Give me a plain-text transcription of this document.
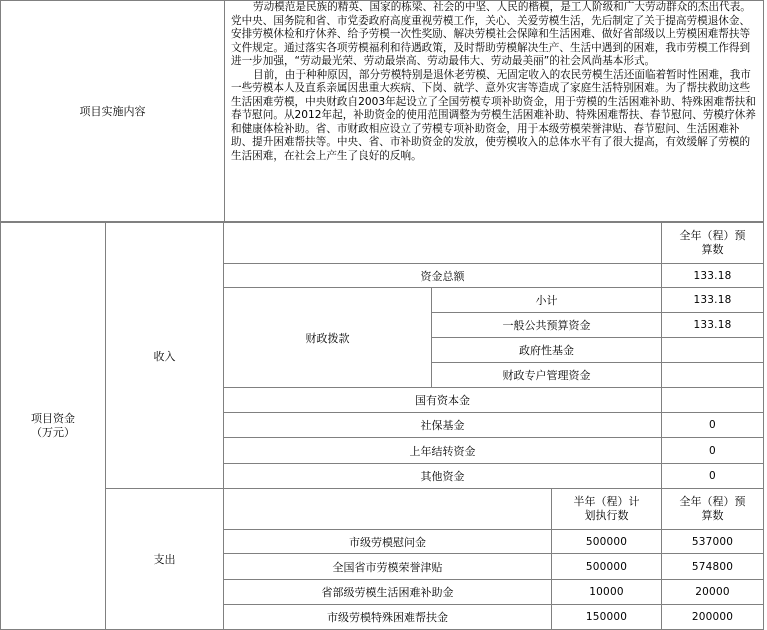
项目实施内容

劳动模范是民族的精英、国家的栋梁、社会的中坚、人民的楷模，是工人阶级和广大劳动群众的杰出代表。党中央、国务院和省、市党委政府高度重视劳模工作，关心、关爱劳模生活，先后制定了关于提高劳模退休金、安排劳模休检和疗休养、给予劳模一次性奖励、解决劳模社会保障和生活困难、做好省部级以上劳模困难帮扶等文件规定。通过落实各项劳模福利和待遇政策，及时帮助劳模解决生产、生活中遇到的困难，我市劳模工作得到进一步加强，“劳动最光荣、劳动最崇高、劳动最伟大、劳动最美丽”的社会风尚基本形式。

目前，由于种种原因，部分劳模特别是退休老劳模、无固定收入的农民劳模生活还面临着暂时性困难，我市一些劳模本人及直系亲属因患重大疾病、下岗、就学、意外灾害等造成了家庭生活特别困难。为了帮扶救助这些生活困难劳模，中央财政自2003年起设立了全国劳模专项补助资金，用于劳模的生活困难补助、特殊困难帮扶和春节慰问。从2012年起，补助资金的使用范围调整为劳模生活困难补助、特殊困难帮扶、春节慰问、劳模疗休养和健康体检补助。省、市财政相应设立了劳模专项补助资金，用于本级劳模荣誉津贴、春节慰问、生活困难补助、提升困难帮扶等。中央、省、市补助资金的发放，使劳模收入的总体水平有了很大提高，有效缓解了劳模的生活困难，在社会上产生了良好的反响。

项目资金（万元）
收入
全年（程）预算数
资金总额	133.18
财政拨款
小计	133.18
一般公共预算资金	133.18
政府性基金
财政专户管理资金
国有资本金
社保基金	0
上年结转资金	0
其他资金	0
支出
半年（程）计划执行数
全年（程）预算数
市级劳模慰问金	500000	537000
全国省市劳模荣誉津贴	500000	574800
省部级劳模生活困难补助金	10000	20000
市级劳模特殊困难帮扶金	150000	200000
